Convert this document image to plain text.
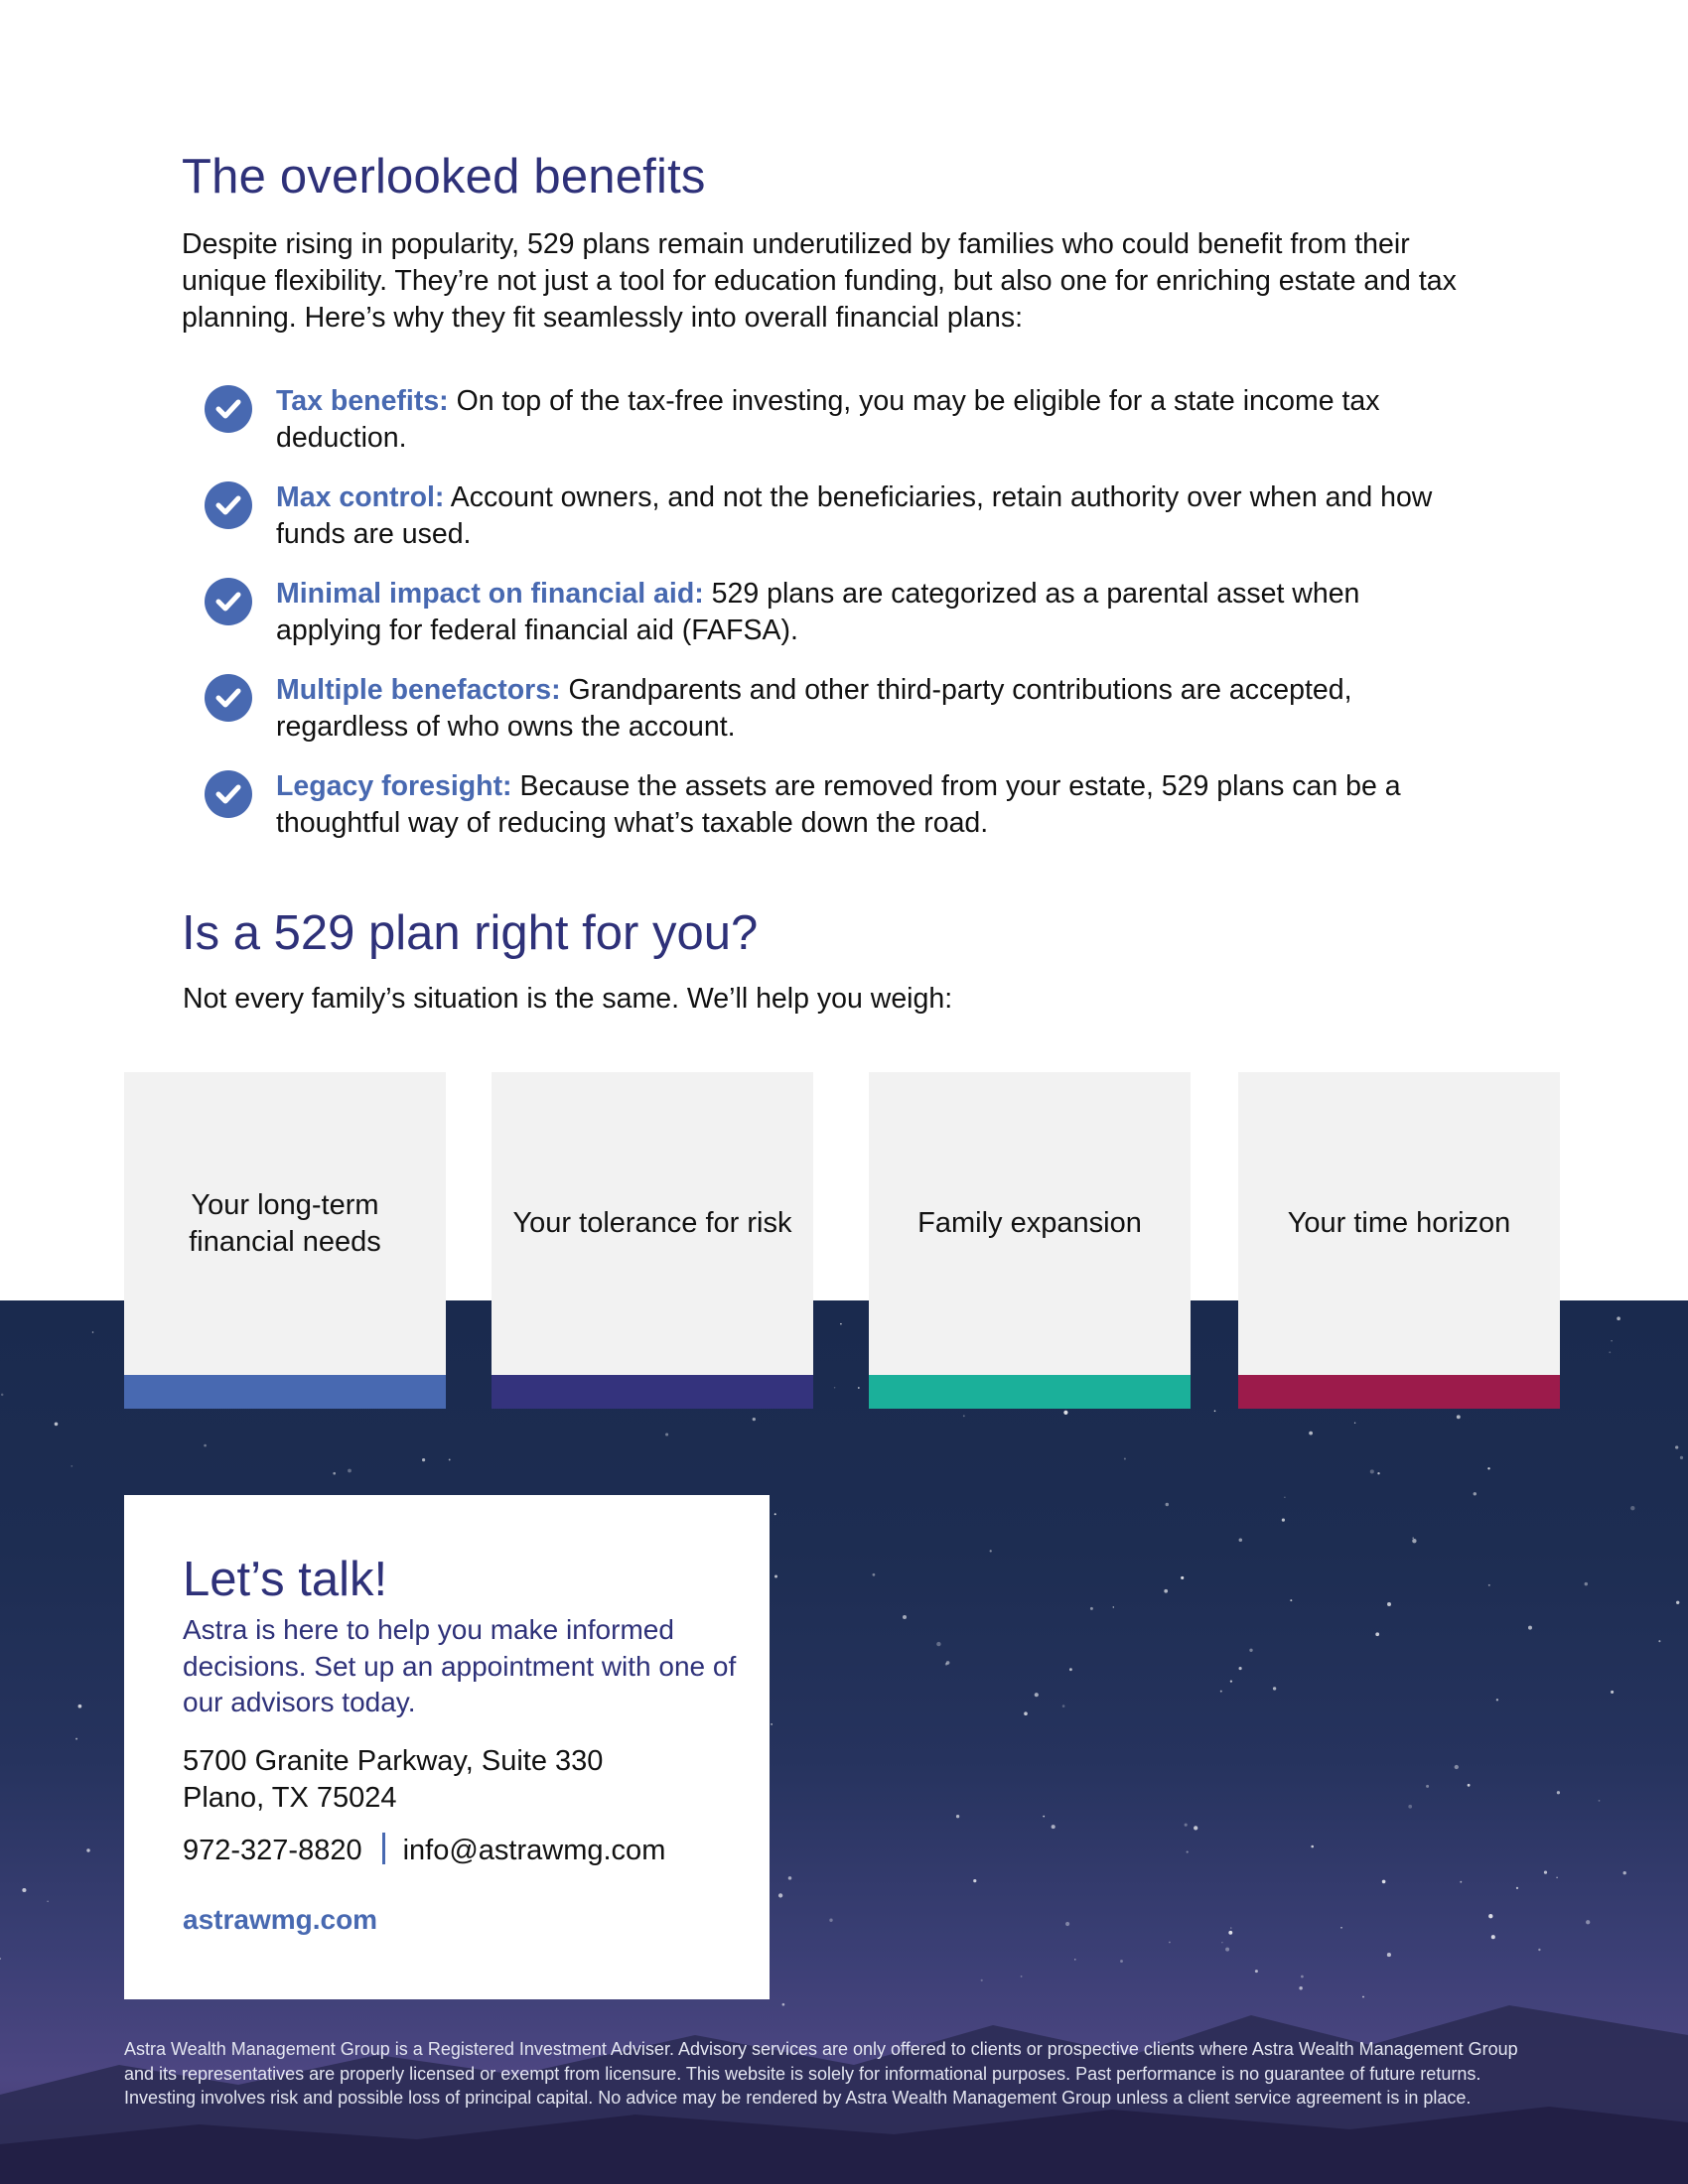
The overlooked benefits

Despite rising in popularity, 529 plans remain underutilized by families who could benefit from their unique flexibility. They’re not just a tool for education funding, but also one for enriching estate and tax planning. Here’s why they fit seamlessly into overall financial plans:

Tax benefits: On top of the tax-free investing, you may be eligible for a state income tax deduction.
Max control: Account owners, and not the beneficiaries, retain authority over when and how funds are used.
Minimal impact on financial aid: 529 plans are categorized as a parental asset when applying for federal financial aid (FAFSA).
Multiple benefactors: Grandparents and other third-party contributions are accepted, regardless of who owns the account.
Legacy foresight: Because the assets are removed from your estate, 529 plans can be a thoughtful way of reducing what’s taxable down the road.
Is a 529 plan right for you?

Not every family’s situation is the same. We’ll help you weigh:

Your long-term financial needs
Your tolerance for risk	Family expansion	Your time horizon
Let’s talk!

Astra is here to help you make informed decisions. Set up an appointment with one of our advisors today.

5700 Granite Parkway, Suite 330
Plano, TX 75024

972-327-8820 info@astrawmg.com

astrawmg.com

Astra Wealth Management Group is a Registered Investment Adviser. Advisory services are only offered to clients or prospective clients where Astra Wealth Management Group and its representatives are properly licensed or exempt from licensure. This website is solely for informational purposes. Past performance is no guarantee of future returns. Investing involves risk and possible loss of principal capital. No advice may be rendered by Astra Wealth Management Group unless a client service agreement is in place.
